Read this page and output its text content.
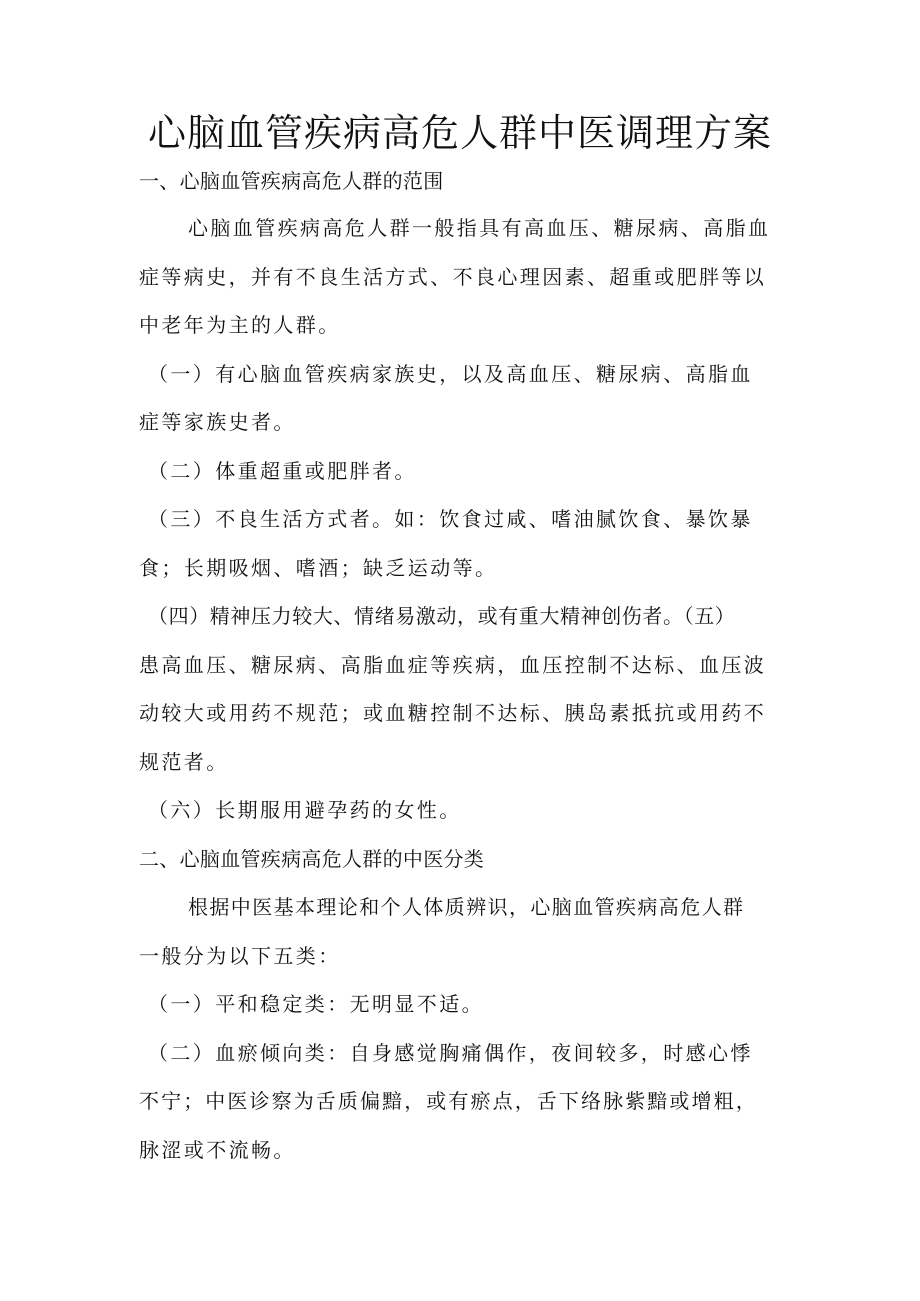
心脑血管疾病高危人群中医调理方案

一、心脑血管疾病高危人群的范围

心脑血管疾病高危人群一般指具有高血压、糖尿病、高脂血

症等病史，并有不良生活方式、不良心理因素、超重或肥胖等以

中老年为主的人群。

（一）有心脑血管疾病家族史，以及高血压、糖尿病、高脂血

症等家族史者。

（二）体重超重或肥胖者。

（三）不良生活方式者。如：饮食过咸、嗜油腻饮食、暴饮暴

食；长期吸烟、嗜酒；缺乏运动等。

（四）精神压力较大、情绪易激动，或有重大精神创伤者。（五）

患高血压、糖尿病、高脂血症等疾病，血压控制不达标、血压波

动较大或用药不规范；或血糖控制不达标、胰岛素抵抗或用药不

规范者。

（六）长期服用避孕药的女性。

二、心脑血管疾病高危人群的中医分类

根据中医基本理论和个人体质辨识，心脑血管疾病高危人群

一般分为以下五类：

（一）平和稳定类：无明显不适。

（二）血瘀倾向类：自身感觉胸痛偶作，夜间较多，时感心悸

不宁；中医诊察为舌质偏黯，或有瘀点，舌下络脉紫黯或增粗，

脉涩或不流畅。
